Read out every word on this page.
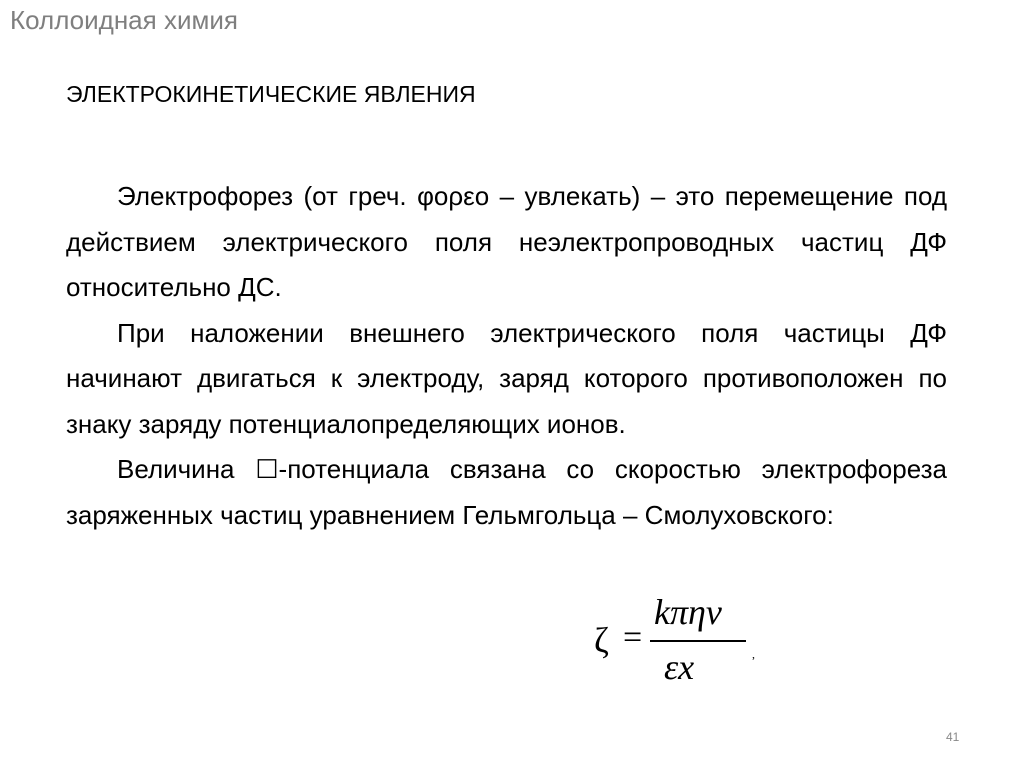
Коллоидная химия
ЭЛЕКТРОКИНЕТИЧЕСКИЕ ЯВЛЕНИЯ

Электрофорез (от греч. φορεο – увлекать) – это перемещение под действием электрического поля неэлектропроводных частиц ДФ относительно ДС.

При наложении внешнего электрического поля частицы ДФ начинают двигаться к электроду, заряд которого противоположен по знаку заряду потенциалопределяющих ионов.

Величина ☐-потенциала связана со скоростью электрофореза заряженных частиц уравнением Гельмгольца – Смолуховского:

ζ =
kπην
εx	,
41
